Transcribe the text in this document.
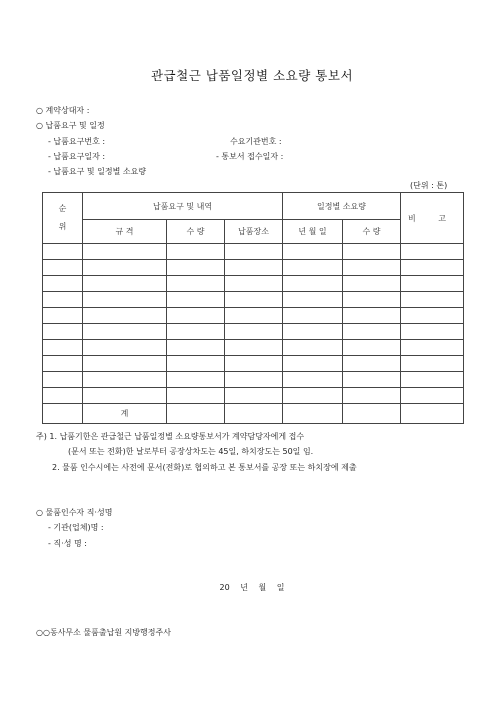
관급철근 납품일정별 소요량 통보서
○ 계약상대자 :
○ 납품요구 및 일정
- 납품요구번호 :	수요기관번호 :
- 납품요구일자 :	- 통보서 접수일자 :
- 납품요구 및 일정별 소요량
(단위 : 톤)
순
위	납품요구 및 내역			일정별 소요량		비 고
	규 격	수 량	납품장소	년 월 일	수 량	

	계					
주) 1. 납품기한은 관급철근 납품일정별 소요량통보서가 계약담당자에게 접수
(문서 또는 전화)한 날로부터 공장상차도는 45일, 하치장도는 50일 임.
2. 물품 인수시에는 사전에 문서(전화)로 협의하고 본 통보서를 공장 또는 하치장에 제출
○ 물품인수자 직·성명
- 기관(업체)명 :
- 직·성 명 :
20 년 월 일
○○동사무소 물품출납원 지방행정주사
